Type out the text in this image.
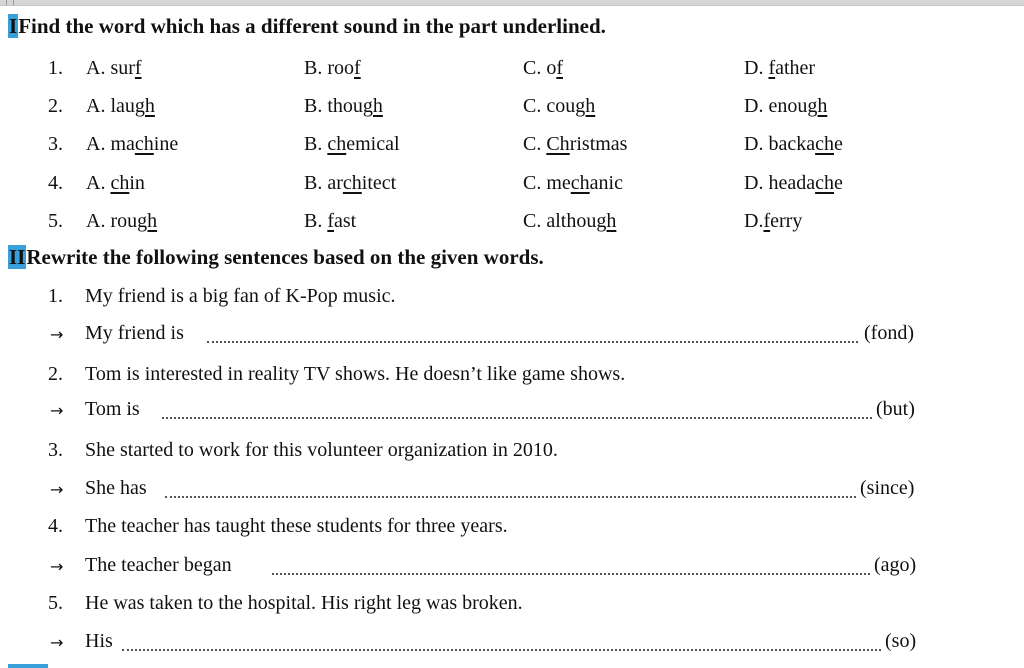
IFind the word which has a different sound in the part underlined.
1. A. surf	B. roof	C. of	D. father
2. A. laugh	B. though	C. cough	D. enough
3. A. machine	B. chemical	C. Christmas	D. backache
4. A. chin	B. architect	C. mechanic	D. headache
5. A. rough	B. fast	C. although	D.ferry
IIRewrite the following sentences based on the given words.
1. My friend is a big fan of K-Pop music.
→ My friend is	(fond)
2. Tom is interested in reality TV shows. He doesn’t like game shows.
→ Tom is	(but)
3. She started to work for this volunteer organization in 2010.
→ She has	(since)
4. The teacher has taught these students for three years.
→ The teacher began	(ago)
5. He was taken to the hospital. His right leg was broken.
→ His	(so)
